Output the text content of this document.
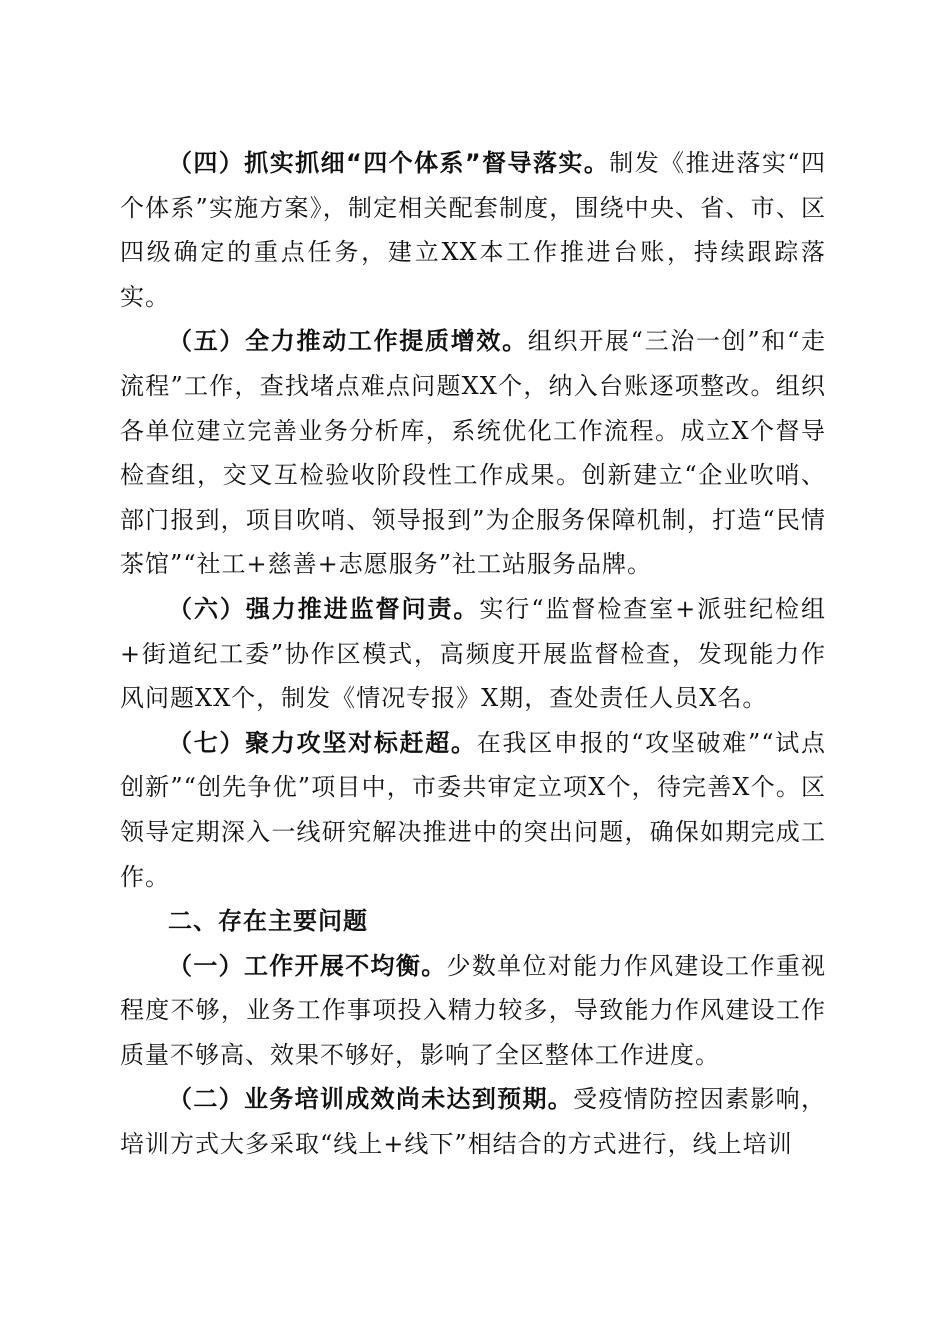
（四）抓实抓细“四个体系”督导落实。制发《推进落实“四个体系”实施方案》，制定相关配套制度，围绕中央、省、市、区四级确定的重点任务，建立XX本工作推进台账，持续跟踪落实。

（五）全力推动工作提质增效。组织开展“三治一创”和“走流程”工作，查找堵点难点问题XX个，纳入台账逐项整改。组织各单位建立完善业务分析库，系统优化工作流程。成立X个督导检查组，交叉互检验收阶段性工作成果。创新建立“企业吹哨、部门报到，项目吹哨、领导报到”为企服务保障机制，打造“民情茶馆”“社工+慈善+志愿服务”社工站服务品牌。

（六）强力推进监督问责。实行“监督检查室+派驻纪检组+街道纪工委”协作区模式，高频度开展监督检查，发现能力作风问题XX个，制发《情况专报》X期，查处责任人员X名。

（七）聚力攻坚对标赶超。在我区申报的“攻坚破难”“试点创新”“创先争优”项目中，市委共审定立项X个，待完善X个。区领导定期深入一线研究解决推进中的突出问题，确保如期完成工作。

二、存在主要问题

（一）工作开展不均衡。少数单位对能力作风建设工作重视程度不够，业务工作事项投入精力较多，导致能力作风建设工作质量不够高、效果不够好，影响了全区整体工作进度。

（二）业务培训成效尚未达到预期。受疫情防控因素影响，培训方式大多采取“线上+线下”相结合的方式进行，线上培训
